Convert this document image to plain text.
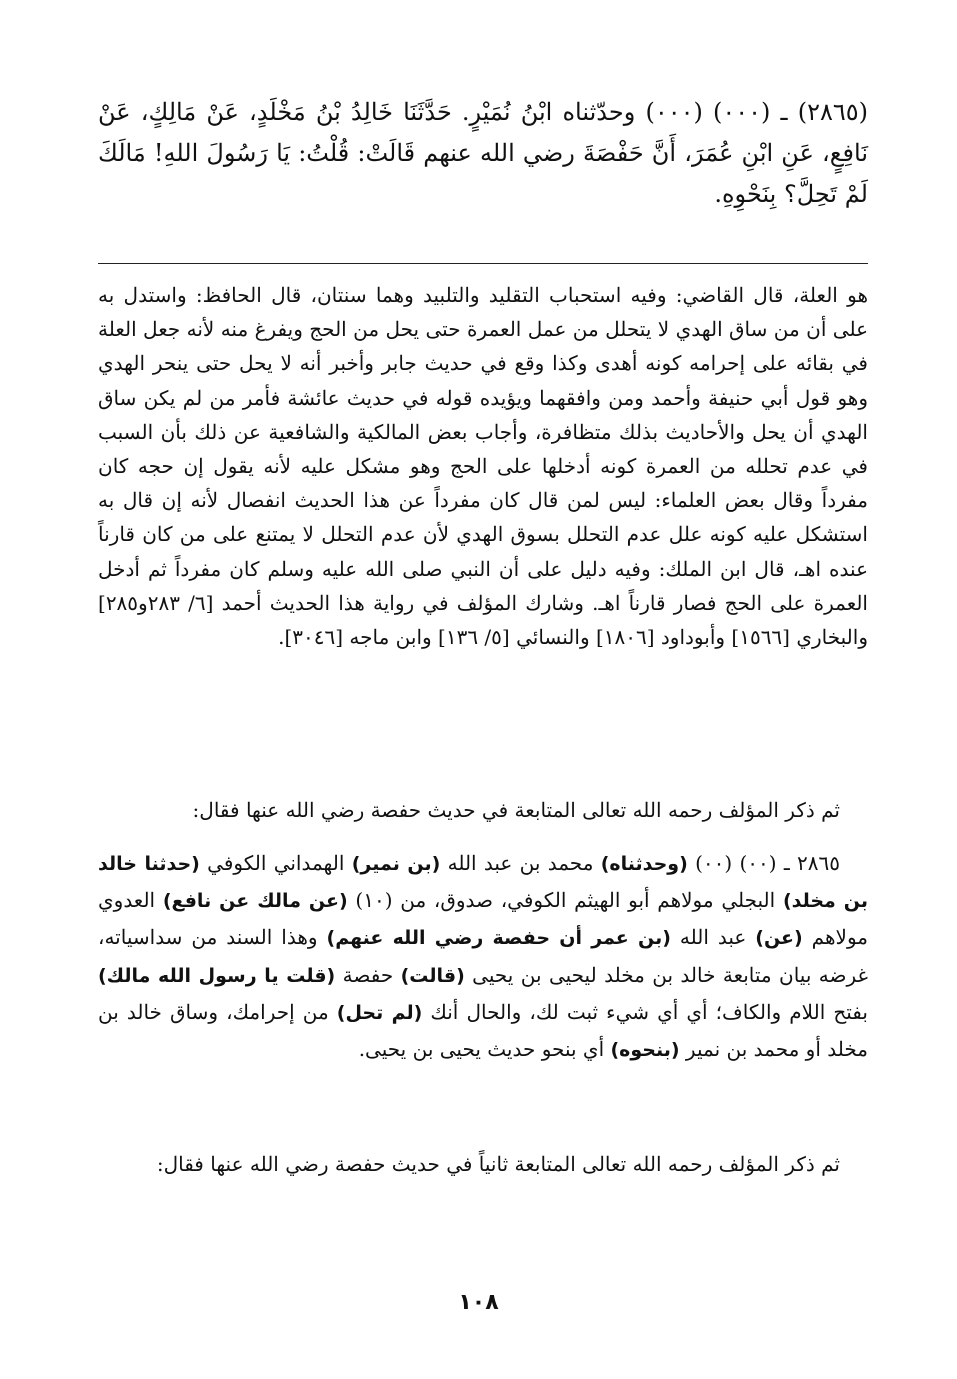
(٢٨٦٥) ـ (٠٠٠) (٠٠٠) وحدّثناه ابْنُ نُمَيْرٍ. حَدَّثَنَا خَالِدُ بْنُ مَخْلَدٍ، عَنْ مَالِكٍ، عَنْ نَافِعٍ، عَنِ ابْنِ عُمَرَ، أَنَّ حَفْصَةَ رضي الله عنهم قَالَتْ: قُلْتُ: يَا رَسُولَ اللهِ! مَالَكَ لَمْ تَحِلَّ؟ بِنَحْوِهِ.
هو العلة، قال القاضي: وفيه استحباب التقليد والتلبيد وهما سنتان، قال الحافظ: واستدل به على أن من ساق الهدي لا يتحلل من عمل العمرة حتى يحل من الحج ويفرغ منه لأنه جعل العلة في بقائه على إحرامه كونه أهدى وكذا وقع في حديث جابر وأخبر أنه لا يحل حتى ينحر الهدي وهو قول أبي حنيفة وأحمد ومن وافقهما ويؤيده قوله في حديث عائشة فأمر من لم يكن ساق الهدي أن يحل والأحاديث بذلك متظافرة، وأجاب بعض المالكية والشافعية عن ذلك بأن السبب في عدم تحلله من العمرة كونه أدخلها على الحج وهو مشكل عليه لأنه يقول إن حجه كان مفرداً وقال بعض العلماء: ليس لمن قال كان مفرداً عن هذا الحديث انفصال لأنه إن قال به استشكل عليه كونه علل عدم التحلل بسوق الهدي لأن عدم التحلل لا يمتنع على من كان قارناً عنده اهـ، قال ابن الملك: وفيه دليل على أن النبي صلى الله عليه وسلم كان مفرداً ثم أدخل العمرة على الحج فصار قارناً اهـ. وشارك المؤلف في رواية هذا الحديث أحمد [٦/ ٢٨٣و٢٨٥] والبخاري [١٥٦٦] وأبوداود [١٨٠٦] والنسائي [٥/ ١٣٦] وابن ماجه [٣٠٤٦].
ثم ذكر المؤلف رحمه الله تعالى المتابعة في حديث حفصة رضي الله عنها فقال:
٢٨٦٥ ـ (٠٠) (٠٠) (وحدثناه) محمد بن عبد الله (بن نمير) الهمداني الكوفي (حدثنا خالد بن مخلد) البجلي مولاهم أبو الهيثم الكوفي، صدوق، من (١٠) (عن مالك عن نافع) العدوي مولاهم (عن) عبد الله (بن عمر أن حفصة رضي الله عنهم) وهذا السند من سداسياته، غرضه بيان متابعة خالد بن مخلد ليحيى بن يحيى (قالت) حفصة (قلت يا رسول الله مالك) بفتح اللام والكاف؛ أي أي شيء ثبت لك، والحال أنك (لم تحل) من إحرامك، وساق خالد بن مخلد أو محمد بن نمير (بنحوه) أي بنحو حديث يحيى بن يحيى.
ثم ذكر المؤلف رحمه الله تعالى المتابعة ثانياً في حديث حفصة رضي الله عنها فقال:
١٠٨
